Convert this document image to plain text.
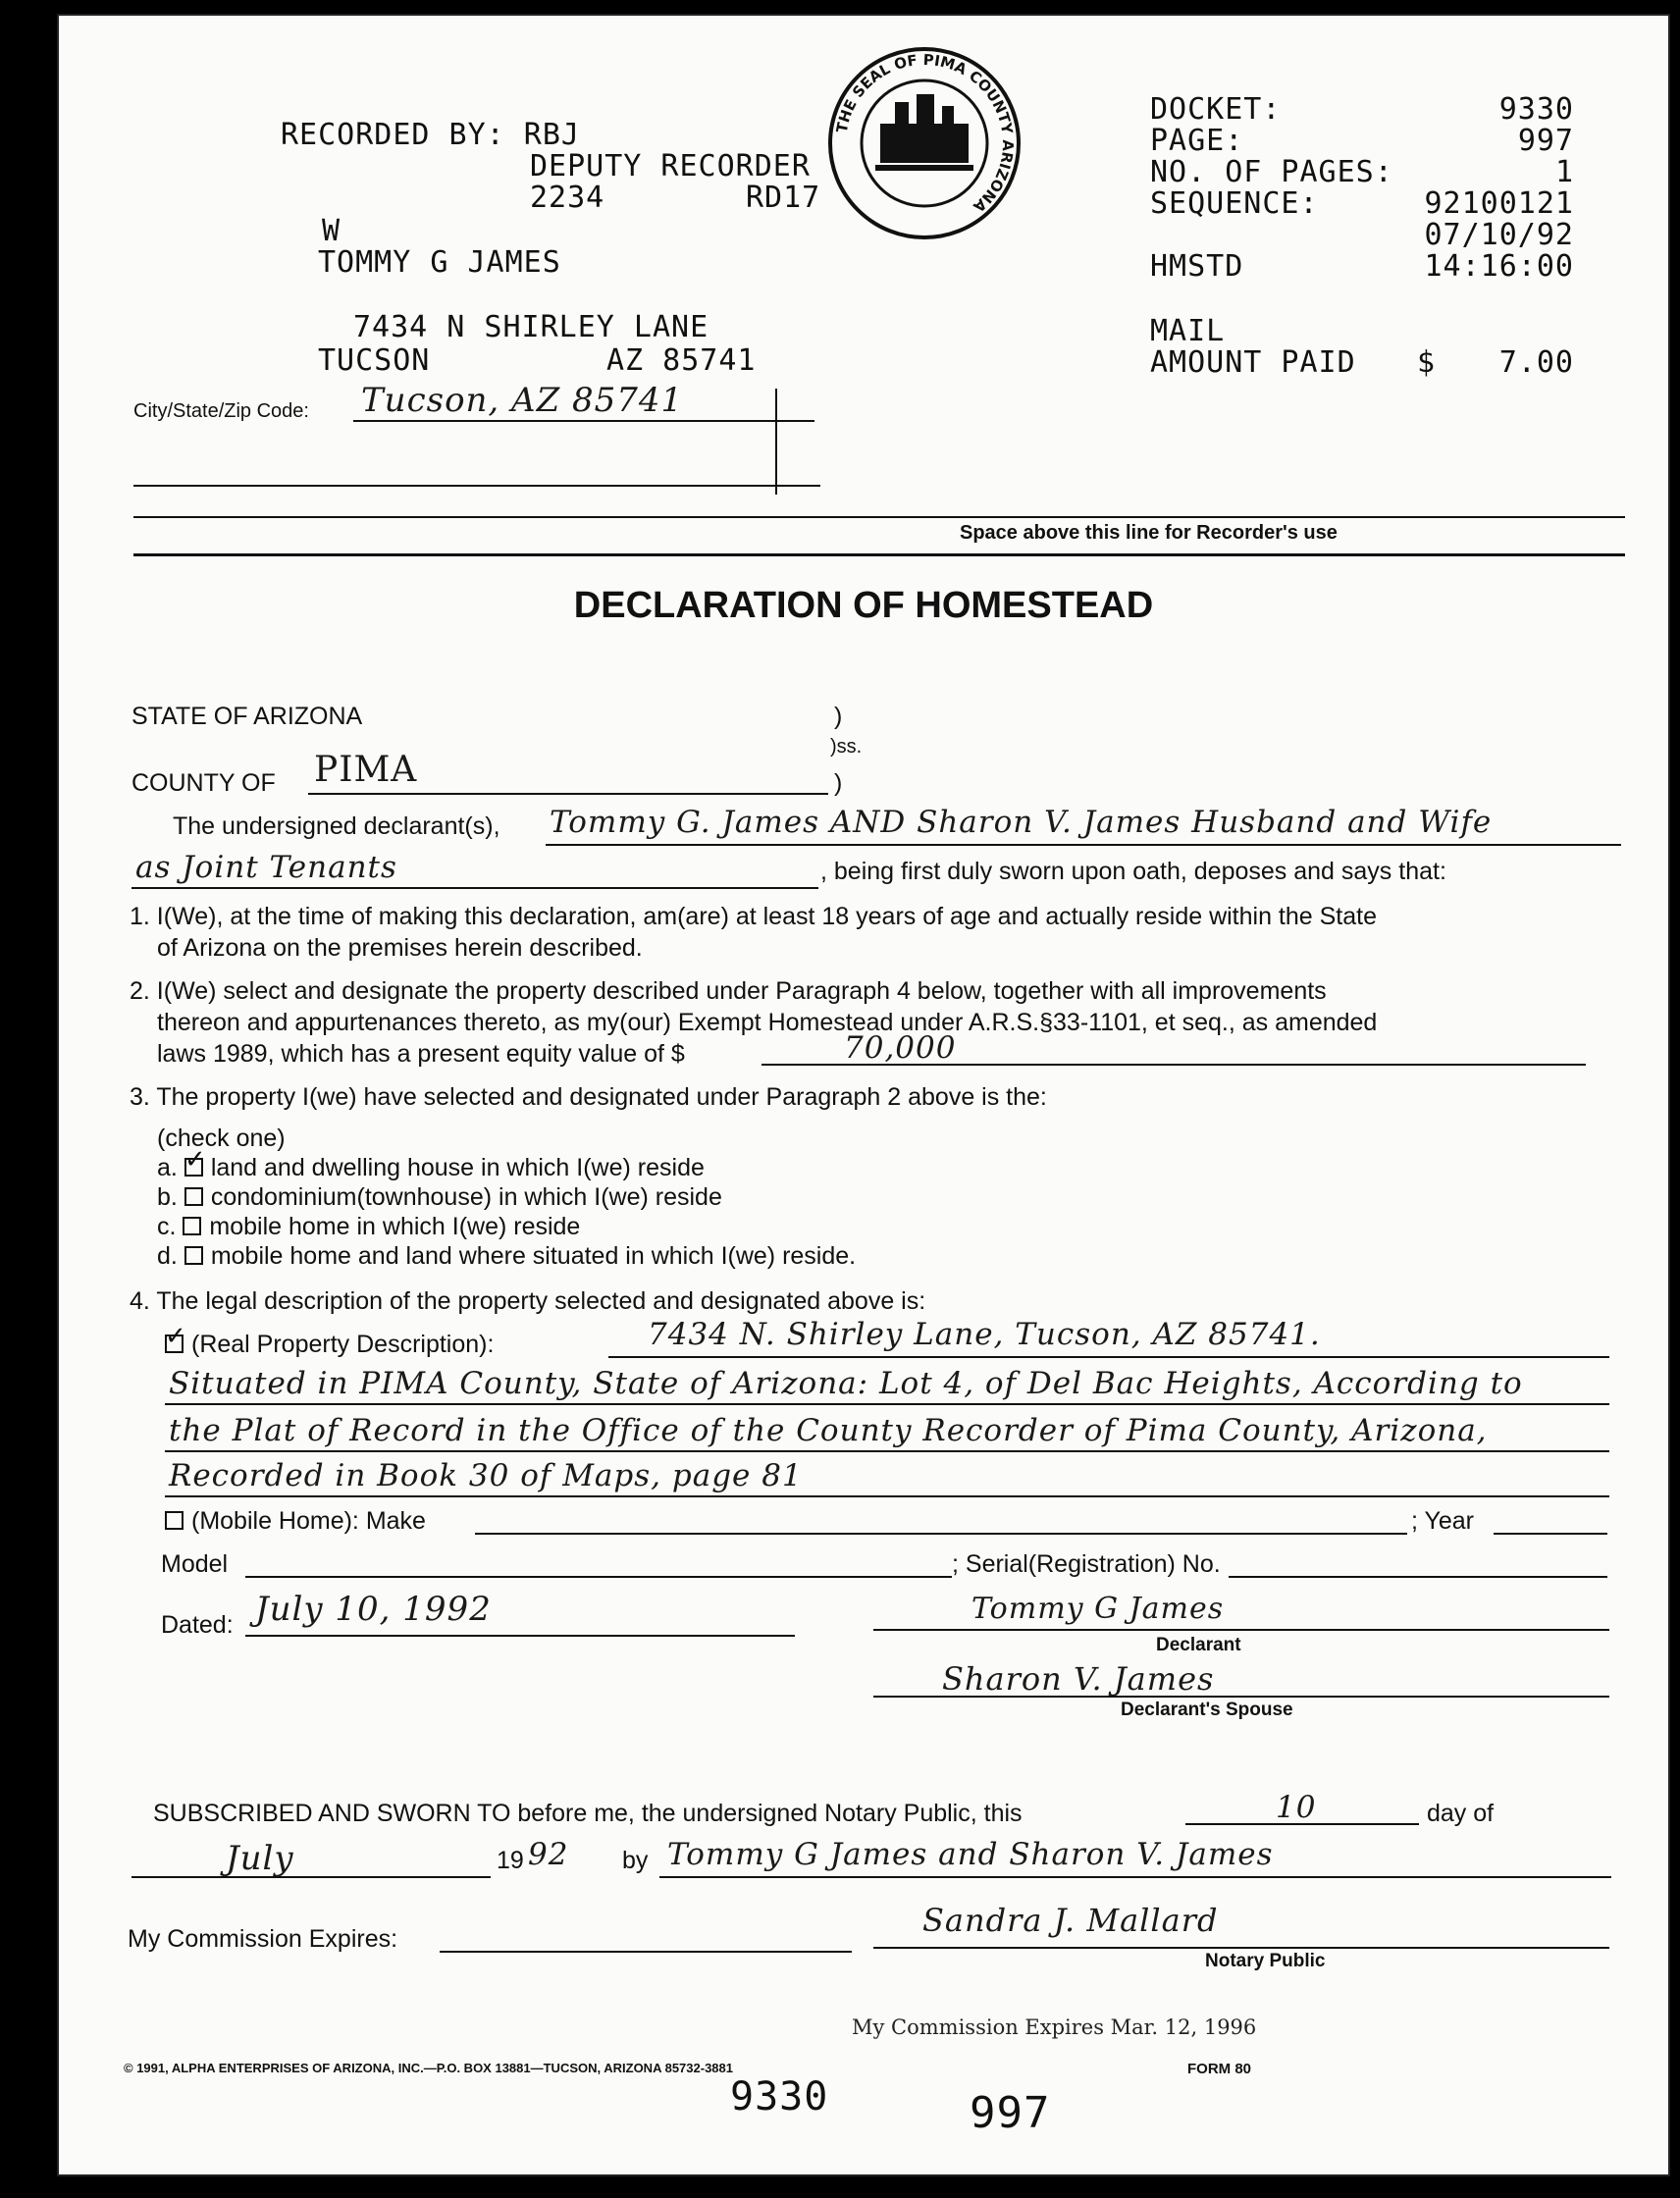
RECORDED BY: RBJ
DEPUTY RECORDER
2234	RD17
W
TOMMY G JAMES
7434 N SHIRLEY LANE
TUCSON	AZ 85741
City/State/Zip Code: Tucson, AZ 85741
THE SEAL OF PIMA COUNTY ARIZONA
DOCKET:	9330
PAGE:	997
NO. OF PAGES:	1
SEQUENCE:	92100121
07/10/92
HMSTD	14:16:00
MAIL
AMOUNT PAID $ 7.00
Space above this line for Recorder's use
DECLARATION OF HOMESTEAD
STATE OF ARIZONA	)
)ss.
COUNTY OF PIMA	)
The undersigned declarant(s), Tommy G. James AND Sharon V. James Husband and Wife
as Joint Tenants	, being first duly sworn upon oath, deposes and says that:
1. I(We), at the time of making this declaration, am(are) at least 18 years of age and actually reside within the State
of Arizona on the premises herein described.
2. I(We) select and designate the property described under Paragraph 4 below, together with all improvements
thereon and appurtenances thereto, as my(our) Exempt Homestead under A.R.S.§33-1101, et seq., as amended
laws 1989, which has a present equity value of $	70,000
3. The property I(we) have selected and designated under Paragraph 2 above is the:
(check one)
a. ✓ land and dwelling house in which I(we) reside
b. condominium(townhouse) in which I(we) reside
c. mobile home in which I(we) reside
d. mobile home and land where situated in which I(we) reside.
4. The legal description of the property selected and designated above is:
✓(Real Property Description):	7434 N. Shirley Lane, Tucson, AZ 85741.
Situated in PIMA County, State of Arizona: Lot 4, of Del Bac Heights, According to
the Plat of Record in the Office of the County Recorder of Pima County, Arizona,
Recorded in Book 30 of Maps, page 81
(Mobile Home): Make	; Year
Model	; Serial(Registration) No.
Dated: July 10, 1992	Tommy G James
Declarant
Sharon V. James
Declarant's Spouse
SUBSCRIBED AND SWORN TO before me, the undersigned Notary Public, this	10	day of
July	19 92 by Tommy G James and Sharon V. James
My Commission Expires:	Sandra J. Mallard
Notary Public
My Commission Expires Mar. 12, 1996
© 1991, ALPHA ENTERPRISES OF ARIZONA, INC.—P.O. BOX 13881—TUCSON, ARIZONA 85732-3881	FORM 80
9330	997
